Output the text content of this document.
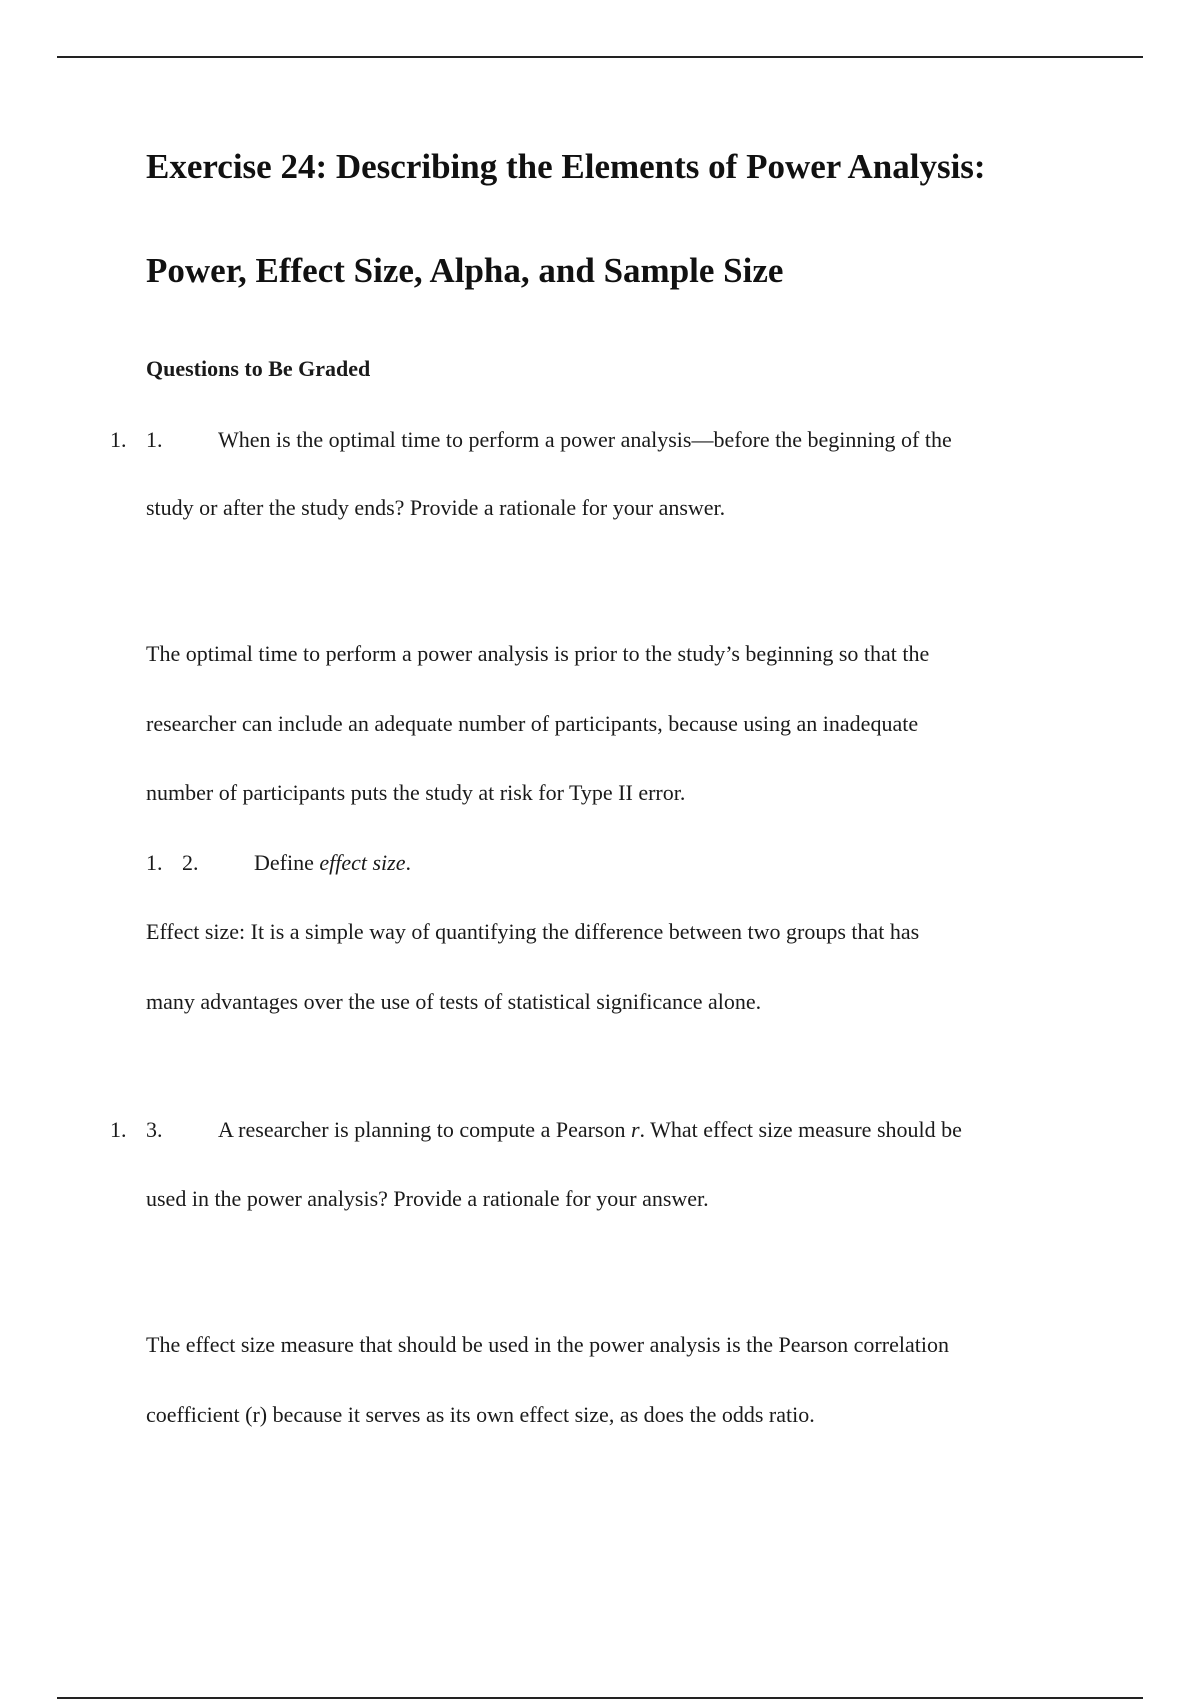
Exercise 24: Describing the Elements of Power Analysis:
Power, Effect Size, Alpha, and Sample Size
Questions to Be Graded
1. 1.	When is the optimal time to perform a power analysis—before the beginning of the
study or after the study ends? Provide a rationale for your answer.
The optimal time to perform a power analysis is prior to the study’s beginning so that the
researcher can include an adequate number of participants, because using an inadequate
number of participants puts the study at risk for Type II error.
1. 2.	Define effect size.
Effect size: It is a simple way of quantifying the difference between two groups that has
many advantages over the use of tests of statistical significance alone.
1. 3.	A researcher is planning to compute a Pearson r. What effect size measure should be
used in the power analysis? Provide a rationale for your answer.
The effect size measure that should be used in the power analysis is the Pearson correlation
coefficient (r) because it serves as its own effect size, as does the odds ratio.
